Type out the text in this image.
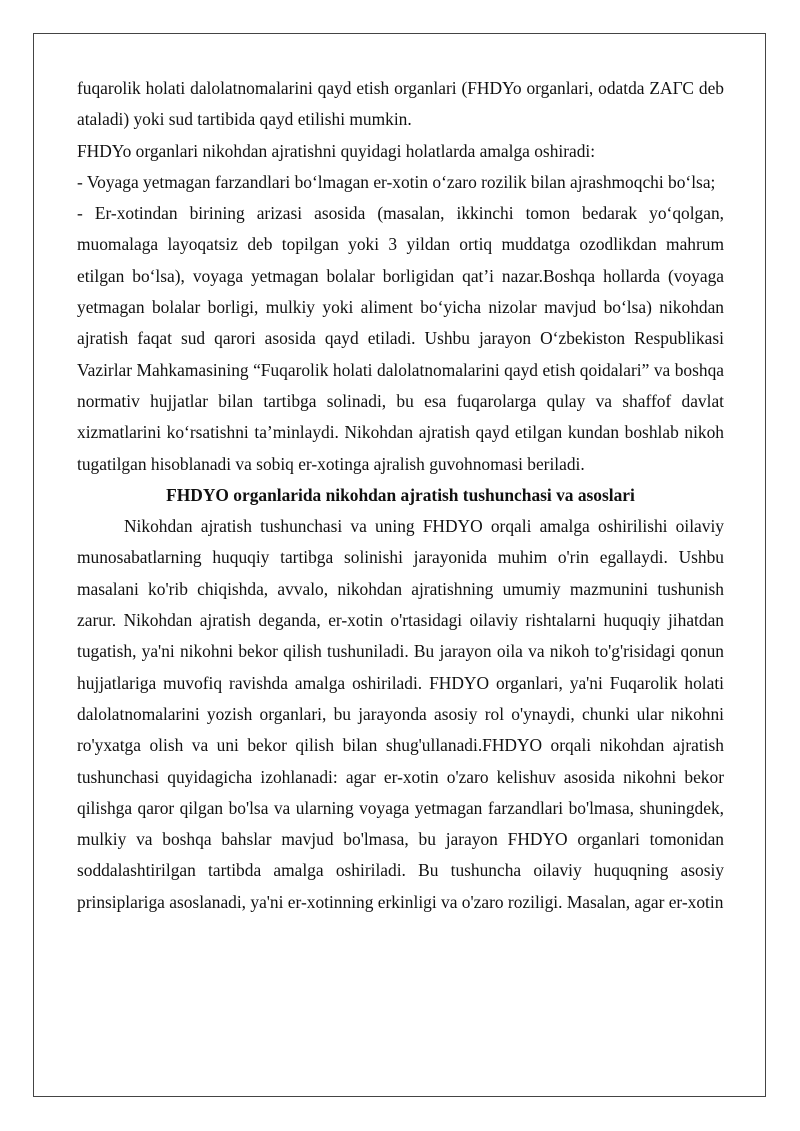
fuqarolik holati dalolatnomalarini qayd etish organlari (FHDYo organlari, odatda ZAГС deb ataladi) yoki sud tartibida qayd etilishi mumkin.

FHDYo organlari nikohdan ajratishni quyidagi holatlarda amalga oshiradi:

- Voyaga yetmagan farzandlari bo‘lmagan er-xotin o‘zaro rozilik bilan ajrashmoqchi bo‘lsa;

- Er-xotindan birining arizasi asosida (masalan, ikkinchi tomon bedarak yo‘qolgan, muomalaga layoqatsiz deb topilgan yoki 3 yildan ortiq muddatga ozodlikdan mahrum etilgan bo‘lsa), voyaga yetmagan bolalar borligidan qat’i nazar.Boshqa hollarda (voyaga yetmagan bolalar borligi, mulkiy yoki aliment bo‘yicha nizolar mavjud bo‘lsa) nikohdan ajratish faqat sud qarori asosida qayd etiladi. Ushbu jarayon O‘zbekiston Respublikasi Vazirlar Mahkamasining “Fuqarolik holati dalolatnomalarini qayd etish qoidalari” va boshqa normativ hujjatlar bilan tartibga solinadi, bu esa fuqarolarga qulay va shaffof davlat xizmatlarini ko‘rsatishni ta’minlaydi. Nikohdan ajratish qayd etilgan kundan boshlab nikoh tugatilgan hisoblanadi va sobiq er-xotinga ajralish guvohnomasi beriladi.

FHDYO organlarida nikohdan ajratish tushunchasi va asoslari

Nikohdan ajratish tushunchasi va uning FHDYO orqali amalga oshirilishi oilaviy munosabatlarning huquqiy tartibga solinishi jarayonida muhim o'rin egallaydi. Ushbu masalani ko'rib chiqishda, avvalo, nikohdan ajratishning umumiy mazmunini tushunish zarur. Nikohdan ajratish deganda, er-xotin o'rtasidagi oilaviy rishtalarni huquqiy jihatdan tugatish, ya'ni nikohni bekor qilish tushuniladi. Bu jarayon oila va nikoh to'g'risidagi qonun hujjatlariga muvofiq ravishda amalga oshiriladi. FHDYO organlari, ya'ni Fuqarolik holati dalolatnomalarini yozish organlari, bu jarayonda asosiy rol o'ynaydi, chunki ular nikohni ro'yxatga olish va uni bekor qilish bilan shug'ullanadi.FHDYO orqali nikohdan ajratish tushunchasi quyidagicha izohlanadi: agar er-xotin o'zaro kelishuv asosida nikohni bekor qilishga qaror qilgan bo'lsa va ularning voyaga yetmagan farzandlari bo'lmasa, shuningdek, mulkiy va boshqa bahslar mavjud bo'lmasa, bu jarayon FHDYO organlari tomonidan soddalashtirilgan tartibda amalga oshiriladi. Bu tushuncha oilaviy huquqning asosiy prinsiplariga asoslanadi, ya'ni er-xotinning erkinligi va o'zaro roziligi. Masalan, agar er-xotin
